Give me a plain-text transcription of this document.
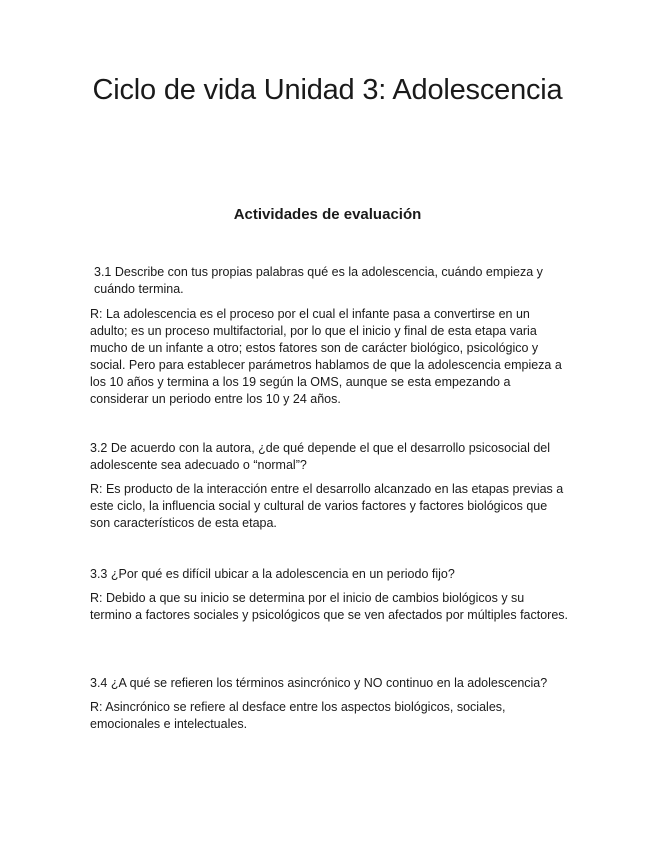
Ciclo de vida Unidad 3: Adolescencia
Actividades de evaluación

3.1 Describe con tus propias palabras qué es la adolescencia, cuándo empieza y cuándo termina.

R: La adolescencia es el proceso por el cual el infante pasa a convertirse en un adulto; es un proceso multifactorial, por lo que el inicio y final de esta etapa varia mucho de un infante a otro; estos fatores son de carácter biológico, psicológico y social. Pero para establecer parámetros hablamos de que la adolescencia empieza a los 10 años y termina a los 19 según la OMS, aunque se esta empezando a considerar un periodo entre los 10 y 24 años.

3.2 De acuerdo con la autora, ¿de qué depende el que el desarrollo psicosocial del adolescente sea adecuado o “normal”?

R: Es producto de la interacción entre el desarrollo alcanzado en las etapas previas a este ciclo, la influencia social y cultural de varios factores y factores biológicos que son característicos de esta etapa.

3.3 ¿Por qué es difícil ubicar a la adolescencia en un periodo fijo?

R: Debido a que su inicio se determina por el inicio de cambios biológicos y su termino a factores sociales y psicológicos que se ven afectados por múltiples factores.

3.4 ¿A qué se refieren los términos asincrónico y NO continuo en la adolescencia?

R: Asincrónico se refiere al desface entre los aspectos biológicos, sociales, emocionales e intelectuales.
